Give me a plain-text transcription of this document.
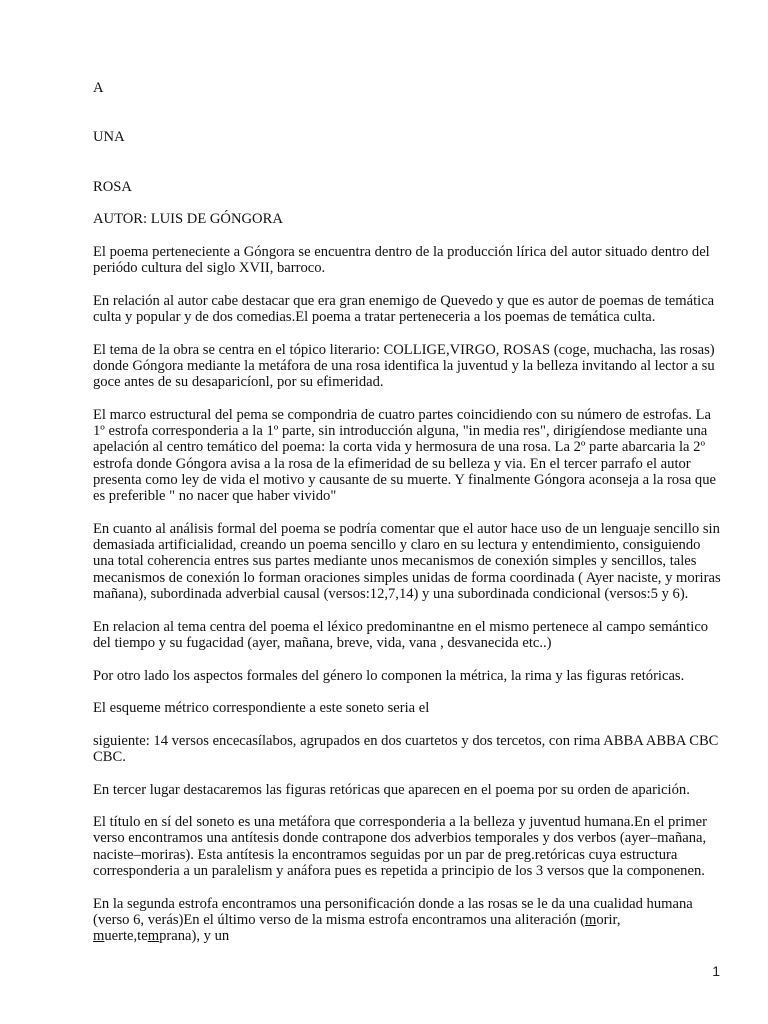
A

UNA

ROSA

AUTOR: LUIS DE GÓNGORA

El poema perteneciente a Góngora se encuentra dentro de la producción lírica del autor situado dentro del periódo cultura del siglo XVII, barroco.

En relación al autor cabe destacar que era gran enemigo de Quevedo y que es autor de poemas de temática culta y popular y de dos comedias.El poema a tratar perteneceria a los poemas de temática culta.

El tema de la obra se centra en el tópico literario: COLLIGE,VIRGO, ROSAS (coge, muchacha, las rosas) donde Góngora mediante la metáfora de una rosa identifica la juventud y la belleza invitando al lector a su goce antes de su desaparicíonl, por su efimeridad.

El marco estructural del pema se compondria de cuatro partes coincidiendo con su número de estrofas. La 1º estrofa corresponderia a la 1º parte, sin introducción alguna, "in media res", dirigíendose mediante una apelación al centro temático del poema: la corta vida y hermosura de una rosa. La 2º parte abarcaria la 2º estrofa donde Góngora avisa a la rosa de la efimeridad de su belleza y via. En el tercer parrafo el autor presenta como ley de vida el motivo y causante de su muerte. Y finalmente Góngora aconseja a la rosa que es preferible " no nacer que haber vivido"

En cuanto al análisis formal del poema se podría comentar que el autor hace uso de un lenguaje sencillo sin demasiada artificialidad, creando un poema sencillo y claro en su lectura y entendimiento, consiguiendo una total coherencia entres sus partes mediante unos mecanismos de conexión simples y sencillos, tales mecanismos de conexión lo forman oraciones simples unidas de forma coordinada ( Ayer naciste, y moriras mañana), subordinada adverbial causal (versos:12,7,14) y una subordinada condicional (versos:5 y 6).

En relacion al tema centra del poema el léxico predominantne en el mismo pertenece al campo semántico del tiempo y su fugacidad (ayer, mañana, breve, vida, vana , desvanecida etc..)

Por otro lado los aspectos formales del género lo componen la métrica, la rima y las figuras retóricas.

El esqueme métrico correspondiente a este soneto seria el

siguiente: 14 versos encecasílabos, agrupados en dos cuartetos y dos tercetos, con rima ABBA ABBA CBC CBC.

En tercer lugar destacaremos las figuras retóricas que aparecen en el poema por su orden de aparición.

El título en sí del soneto es una metáfora que corresponderia a la belleza y juventud humana.En el primer verso encontramos una antítesis donde contrapone dos adverbios temporales y dos verbos (ayer–mañana, naciste–moriras). Esta antítesis la encontramos seguidas por un par de preg.retóricas cuya estructura corresponderia a un paralelism y anáfora pues es repetida a principio de los 3 versos que la componenen.

En la segunda estrofa encontramos una personificación donde a las rosas se le da una cualidad humana (verso 6, verás)En el último verso de la misma estrofa encontramos una aliteración (morir, muerte,temprana), y un

1
